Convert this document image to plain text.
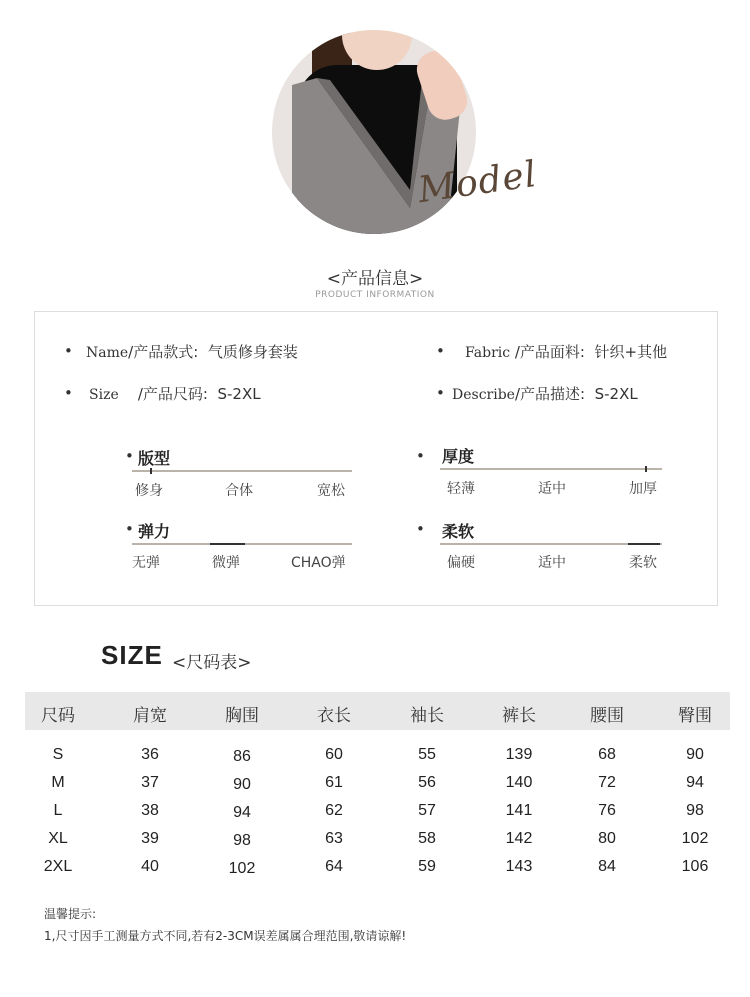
Model
<产品信息>
PRODUCT INFORMATION
• Name/产品款式: 气质修身套装	• Fabric /产品面料: 针织+其他
• Size /产品尺码: S-2XL	• Describe/产品描述: S-2XL
• 版型
修身	合体	宽松
• 厚度
轻薄	适中	加厚
• 弹力
无弹	微弹	CHAO弹
• 柔软
偏硬	适中	柔软
SIZE <尺码表>
尺码	肩宽	胸围	衣长	袖长	裤长	腰围	臀围
S	36	86	60	55	139	68	90
M	37	90	61	56	140	72	94
L	38	94	62	57	141	76	98
XL	39	98	63	58	142	80	102
2XL	40	102	64	59	143	84	106
温馨提示:
1,尺寸因手工测量方式不同,若有2-3CM误差属属合理范围,敬请谅解!
